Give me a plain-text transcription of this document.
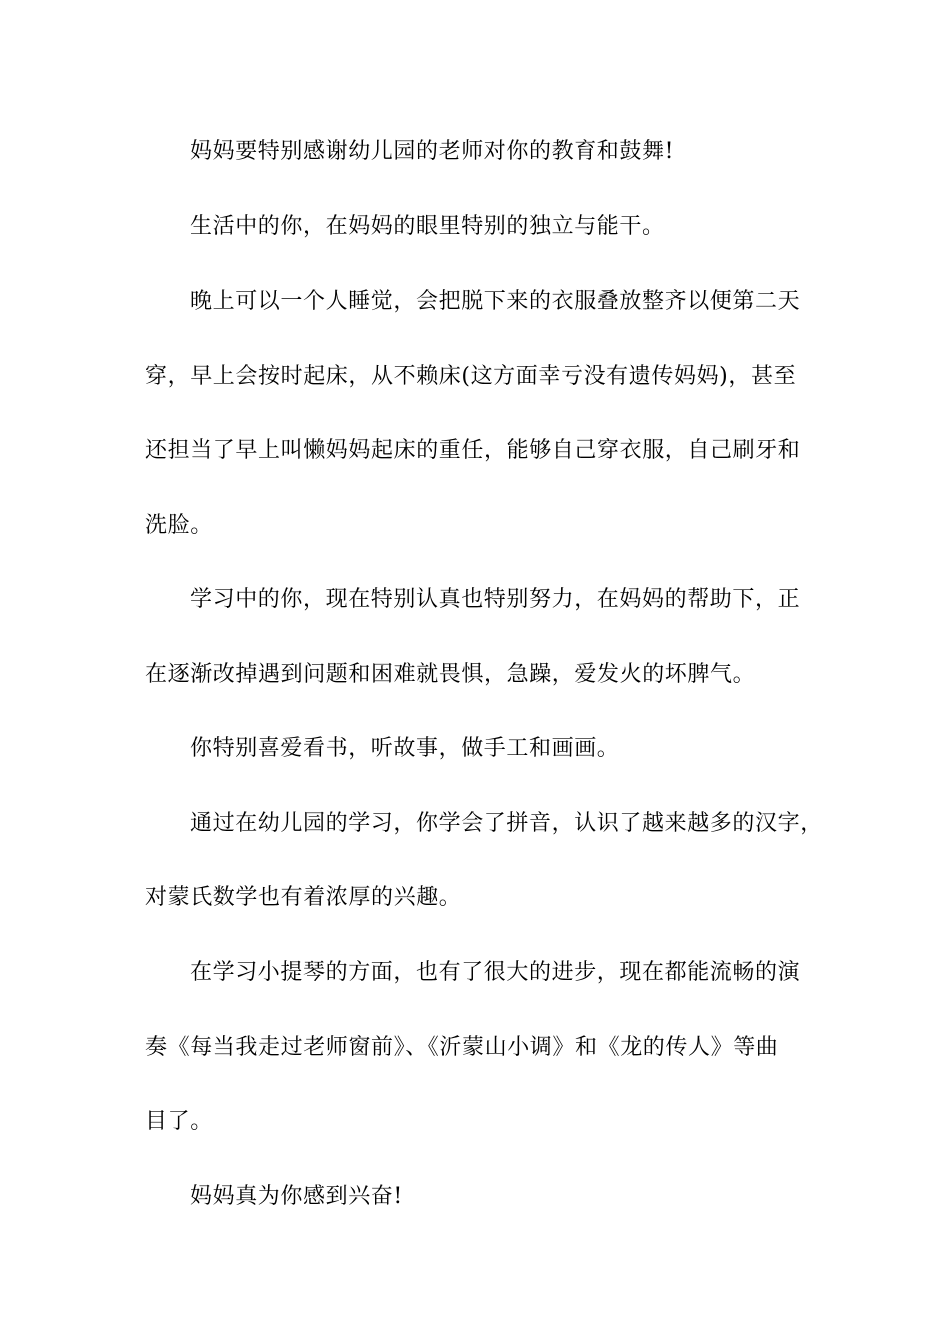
妈妈要特别感谢幼儿园的老师对你的教育和鼓舞!
生活中的你，在妈妈的眼里特别的独立与能干。
晚上可以一个人睡觉，会把脱下来的衣服叠放整齐以便第二天
穿，早上会按时起床，从不赖床(这方面幸亏没有遗传妈妈)，甚至
还担当了早上叫懒妈妈起床的重任，能够自己穿衣服，自己刷牙和
洗脸。
学习中的你，现在特别认真也特别努力，在妈妈的帮助下，正
在逐渐改掉遇到问题和困难就畏惧，急躁，爱发火的坏脾气。
你特别喜爱看书，听故事，做手工和画画。
通过在幼儿园的学习，你学会了拼音，认识了越来越多的汉字，
对蒙氏数学也有着浓厚的兴趣。
在学习小提琴的方面，也有了很大的进步，现在都能流畅的演
奏《每当我走过老师窗前》、《沂蒙山小调》和《龙的传人》等曲
目了。
妈妈真为你感到兴奋!
